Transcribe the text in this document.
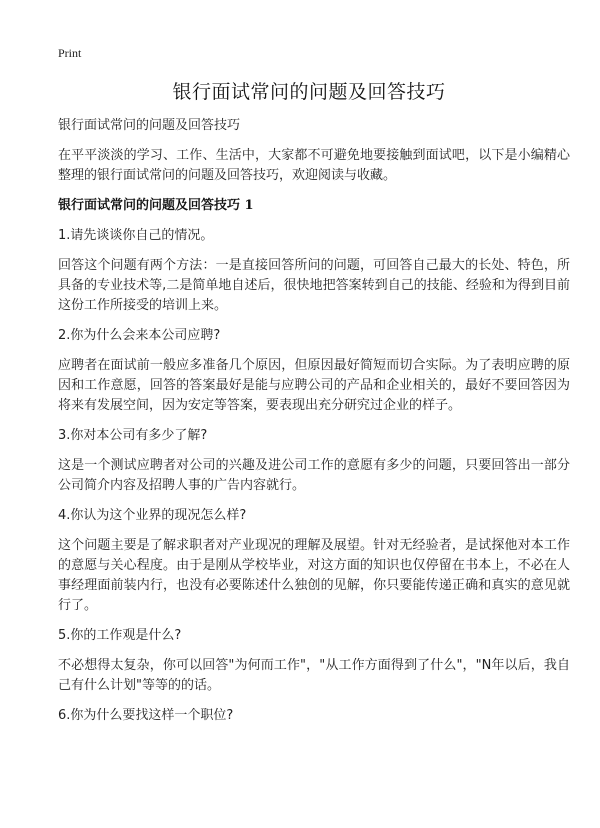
Print
银行面试常问的问题及回答技巧

银行面试常问的问题及回答技巧

在平平淡淡的学习、工作、生活中，大家都不可避免地要接触到面试吧，以下是小编精心整理的银行面试常问的问题及回答技巧，欢迎阅读与收藏。

银行面试常问的问题及回答技巧 1

1.请先谈谈你自己的情况。

回答这个问题有两个方法：一是直接回答所问的问题，可回答自己最大的长处、特色，所具备的专业技术等,二是简单地自述后，很快地把答案转到自己的技能、经验和为得到目前这份工作所接受的培训上来。

2.你为什么会来本公司应聘?

应聘者在面试前一般应多准备几个原因，但原因最好简短而切合实际。为了表明应聘的原因和工作意愿，回答的答案最好是能与应聘公司的产品和企业相关的，最好不要回答因为将来有发展空间，因为安定等答案，要表现出充分研究过企业的样子。

3.你对本公司有多少了解?

这是一个测试应聘者对公司的兴趣及进公司工作的意愿有多少的问题，只要回答出一部分公司简介内容及招聘人事的广告内容就行。

4.你认为这个业界的现况怎么样?

这个问题主要是了解求职者对产业现况的理解及展望。针对无经验者，是试探他对本工作的意愿与关心程度。由于是刚从学校毕业，对这方面的知识也仅停留在书本上，不必在人事经理面前装内行，也没有必要陈述什么独创的见解，你只要能传递正确和真实的意见就行了。

5.你的工作观是什么?

不必想得太复杂，你可以回答"为何而工作"，"从工作方面得到了什么"，"N年以后，我自己有什么计划"等等的的话。

6.你为什么要找这样一个职位?
